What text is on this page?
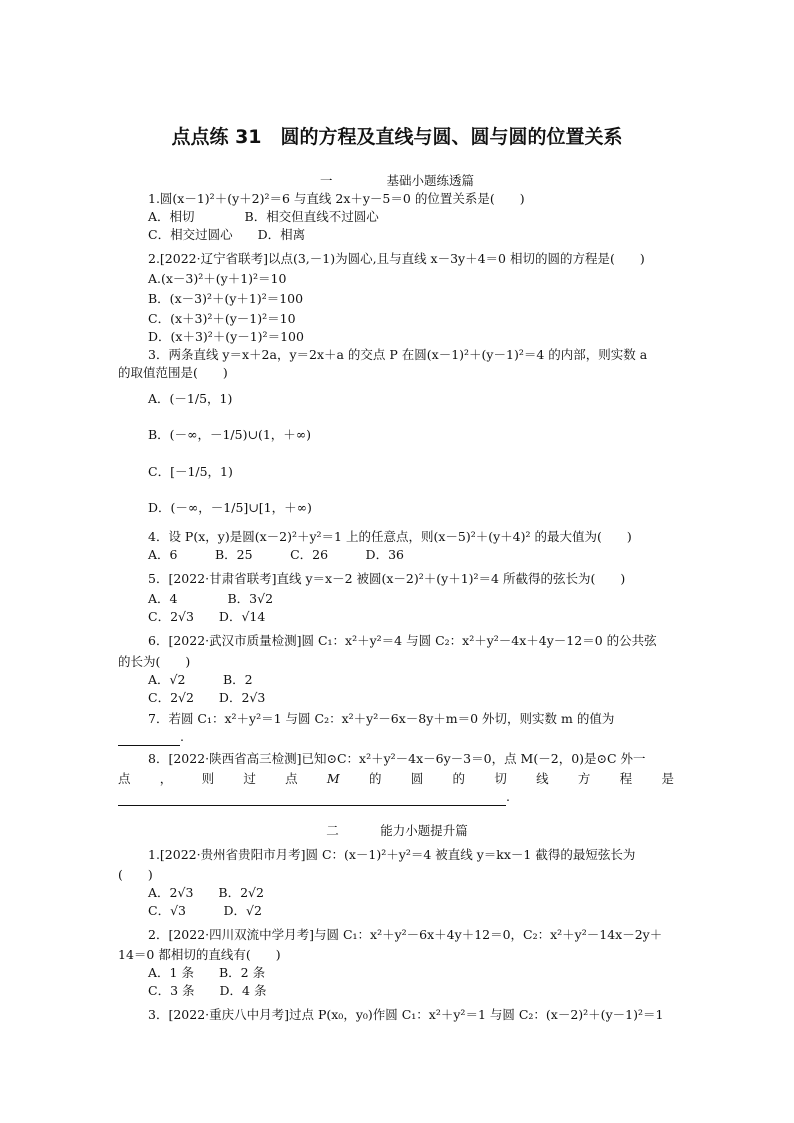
点点练 31　圆的方程及直线与圆、圆与圆的位置关系
一　　　　	基础小题练透篇
1.圆(x－1)²＋(y＋2)²＝6 与直线 2x＋y－5＝0 的位置关系是(　　)
A．相切　　　　B．相交但直线不过圆心
C．相交过圆心　　D．相离
2.[2022·辽宁省联考]以点(3,－1)为圆心,且与直线 x－3y＋4＝0 相切的圆的方程是(　　)
A.(x－3)²＋(y＋1)²＝10
B．(x－3)²＋(y＋1)²＝100
C．(x＋3)²＋(y－1)²＝10
D．(x＋3)²＋(y－1)²＝100
3．两条直线 y＝x＋2a，y＝2x＋a 的交点 P 在圆(x－1)²＋(y－1)²＝4 的内部，则实数 a
的取值范围是(　　)
A．(－1/5，1)
B．(－∞，－1/5)∪(1，＋∞)
C．[－1/5，1)
D．(－∞，－1/5]∪[1，＋∞)
4．设 P(x，y)是圆(x－2)²＋y²＝1 上的任意点，则(x－5)²＋(y＋4)² 的最大值为(　　)
A．6　　　B．25　　　C．26　　　D．36
5．[2022·甘肃省联考]直线 y＝x－2 被圆(x－2)²＋(y＋1)²＝4 所截得的弦长为(　　)
A．4　　　　B．3√2
C．2√3　　D．√14
6．[2022·武汉市质量检测]圆 C₁：x²＋y²＝4 与圆 C₂：x²＋y²－4x＋4y－12＝0 的公共弦
的长为(　　)
A．√2　　　B．2
C．2√2　　D．2√3
7．若圆 C₁：x²＋y²＝1 与圆 C₂：x²＋y²－6x－8y＋m＝0 外切，则实数 m 的值为
.
8．[2022·陕西省高三检测]已知⊙C：x²＋y²－4x－6y－3＝0，点 M(－2，0)是⊙C 外一
点 ， 则 过 点 M 的 圆 的 切 线 方 程 是
.
二　　　	能力小题提升篇
1.[2022·贵州省贵阳市月考]圆 C：(x－1)²＋y²＝4 被直线 y＝kx－1 截得的最短弦长为
(　　)
A．2√3　　B．2√2
C．√3　　　D．√2
2．[2022·四川双流中学月考]与圆 C₁：x²＋y²－6x＋4y＋12＝0，C₂：x²＋y²－14x－2y＋
14＝0 都相切的直线有(　　)
A．1 条　　B．2 条
C．3 条　　D．4 条
3．[2022·重庆八中月考]过点 P(x₀，y₀)作圆 C₁：x²＋y²＝1 与圆 C₂：(x－2)²＋(y－1)²＝1
